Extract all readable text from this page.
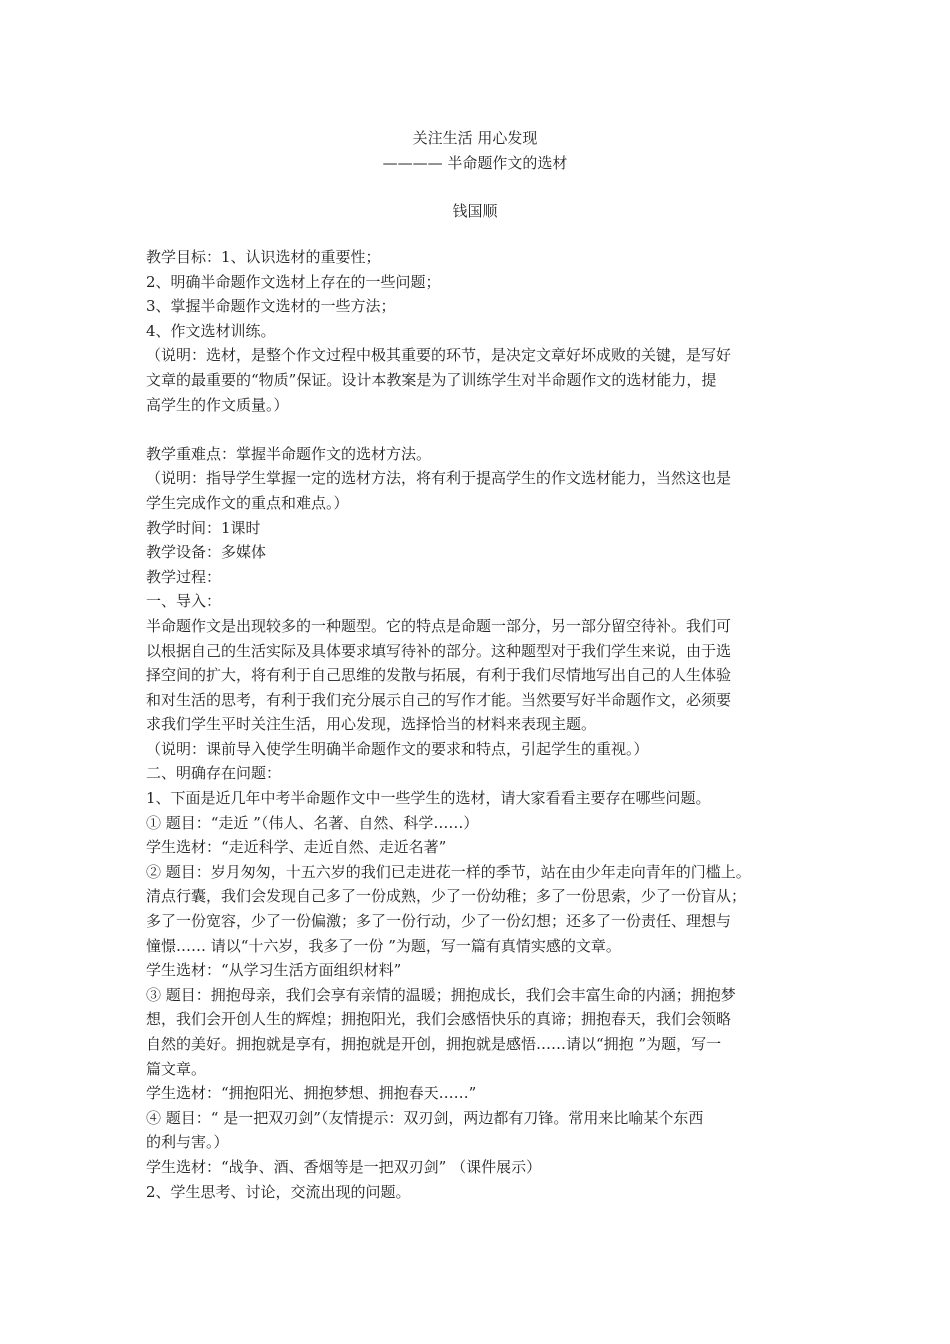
关注生活 用心发现
———— 半命题作文的选材
钱国顺

教学目标：1、认识选材的重要性；

2、明确半命题作文选材上存在的一些问题；

3、掌握半命题作文选材的一些方法；

4、作文选材训练。

（说明：选材，是整个作文过程中极其重要的环节，是决定文章好坏成败的关键，是写好

文章的最重要的“物质”保证。设计本教案是为了训练学生对半命题作文的选材能力，提

高学生的作文质量。）

教学重难点：掌握半命题作文的选材方法。

（说明：指导学生掌握一定的选材方法，将有利于提高学生的作文选材能力，当然这也是

学生完成作文的重点和难点。）

教学时间：1课时

教学设备：多媒体

教学过程：

一、导入：

半命题作文是出现较多的一种题型。它的特点是命题一部分，另一部分留空待补。我们可

以根据自己的生活实际及具体要求填写待补的部分。这种题型对于我们学生来说，由于选

择空间的扩大，将有利于自己思维的发散与拓展，有利于我们尽情地写出自己的人生体验

和对生活的思考，有利于我们充分展示自己的写作才能。当然要写好半命题作文，必须要

求我们学生平时关注生活，用心发现，选择恰当的材料来表现主题。

（说明：课前导入使学生明确半命题作文的要求和特点，引起学生的重视。）

二、明确存在问题：

1、下面是近几年中考半命题作文中一些学生的选材，请大家看看主要存在哪些问题。

① 题目：“走近 ”（伟人、名著、自然、科学……）

学生选材：“走近科学、走近自然、走近名著”

② 题目：岁月匆匆，十五六岁的我们已走进花一样的季节，站在由少年走向青年的门槛上。

清点行囊，我们会发现自己多了一份成熟，少了一份幼稚；多了一份思索，少了一份盲从；

多了一份宽容，少了一份偏激；多了一份行动，少了一份幻想；还多了一份责任、理想与

憧憬…… 请以“十六岁，我多了一份 ”为题，写一篇有真情实感的文章。

学生选材：“从学习生活方面组织材料”

③ 题目：拥抱母亲，我们会享有亲情的温暖；拥抱成长，我们会丰富生命的内涵；拥抱梦

想，我们会开创人生的辉煌；拥抱阳光，我们会感悟快乐的真谛；拥抱春天，我们会领略

自然的美好。拥抱就是享有，拥抱就是开创，拥抱就是感悟……请以“拥抱 ”为题，写一

篇文章。

学生选材：“拥抱阳光、拥抱梦想、拥抱春天……”

④ 题目：“ 是一把双刃剑”（友情提示：双刃剑，两边都有刀锋。常用来比喻某个东西

的利与害。）

学生选材：“战争、酒、香烟等是一把双刃剑” （课件展示）

2、学生思考、讨论，交流出现的问题。
